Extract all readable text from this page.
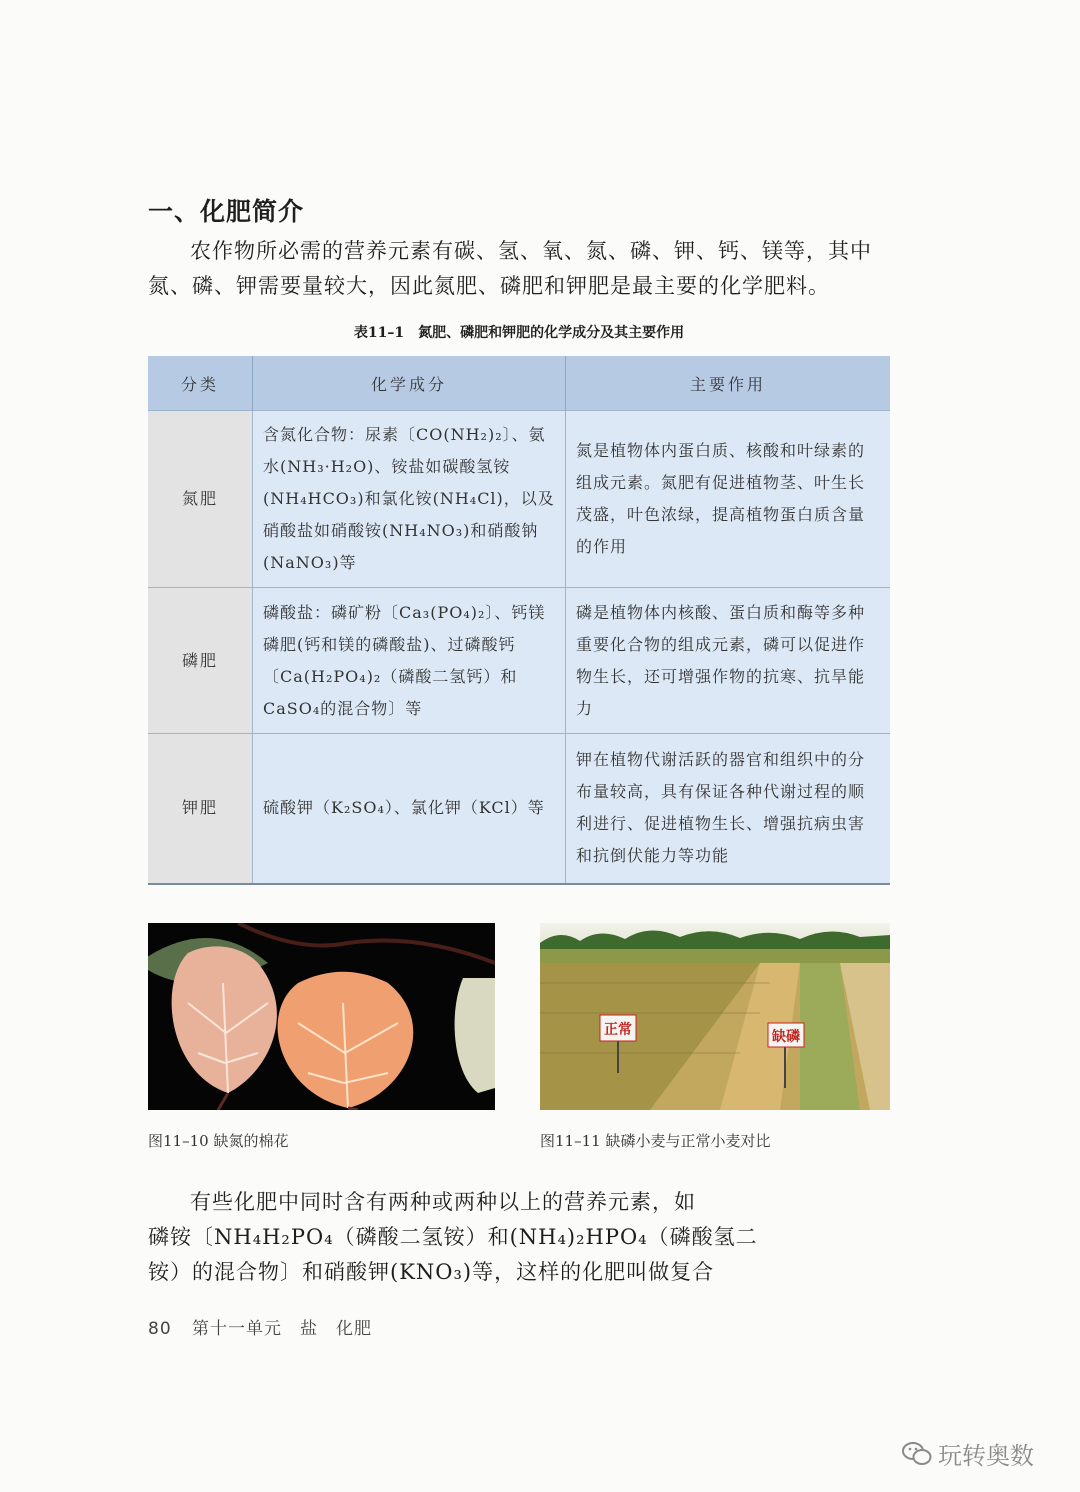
一、化肥简介

农作物所必需的营养元素有碳、氢、氧、氮、磷、钾、钙、镁等，其中
氮、磷、钾需要量较大，因此氮肥、磷肥和钾肥是最主要的化学肥料。

表11–1　氮肥、磷肥和钾肥的化学成分及其主要作用
分类	化学成分	主要作用
氮肥	含氮化合物：尿素〔CO(NH₂)₂〕、氨水(NH₃·H₂O)、铵盐如碳酸氢铵(NH₄HCO₃)和氯化铵(NH₄Cl)，以及硝酸盐如硝酸铵(NH₄NO₃)和硝酸钠(NaNO₃)等	氮是植物体内蛋白质、核酸和叶绿素的组成元素。氮肥有促进植物茎、叶生长茂盛，叶色浓绿，提高植物蛋白质含量的作用
磷肥	磷酸盐：磷矿粉〔Ca₃(PO₄)₂〕、钙镁磷肥(钙和镁的磷酸盐)、过磷酸钙〔Ca(H₂PO₄)₂（磷酸二氢钙）和CaSO₄的混合物〕等	磷是植物体内核酸、蛋白质和酶等多种重要化合物的组成元素，磷可以促进作物生长，还可增强作物的抗寒、抗旱能力
钾肥	硫酸钾（K₂SO₄）、氯化钾（KCl）等	钾在植物代谢活跃的器官和组织中的分布量较高，具有保证各种代谢过程的顺利进行、促进植物生长、增强抗病虫害和抗倒伏能力等功能
正常	缺磷
图11–10 缺氮的棉花	图11–11 缺磷小麦与正常小麦对比

有些化肥中同时含有两种或两种以上的营养元素，如
磷铵〔NH₄H₂PO₄（磷酸二氢铵）和(NH₄)₂HPO₄（磷酸氢二
铵）的混合物〕和硝酸钾(KNO₃)等，这样的化肥叫做复合

80 第十一单元　盐　化肥
玩转奥数
